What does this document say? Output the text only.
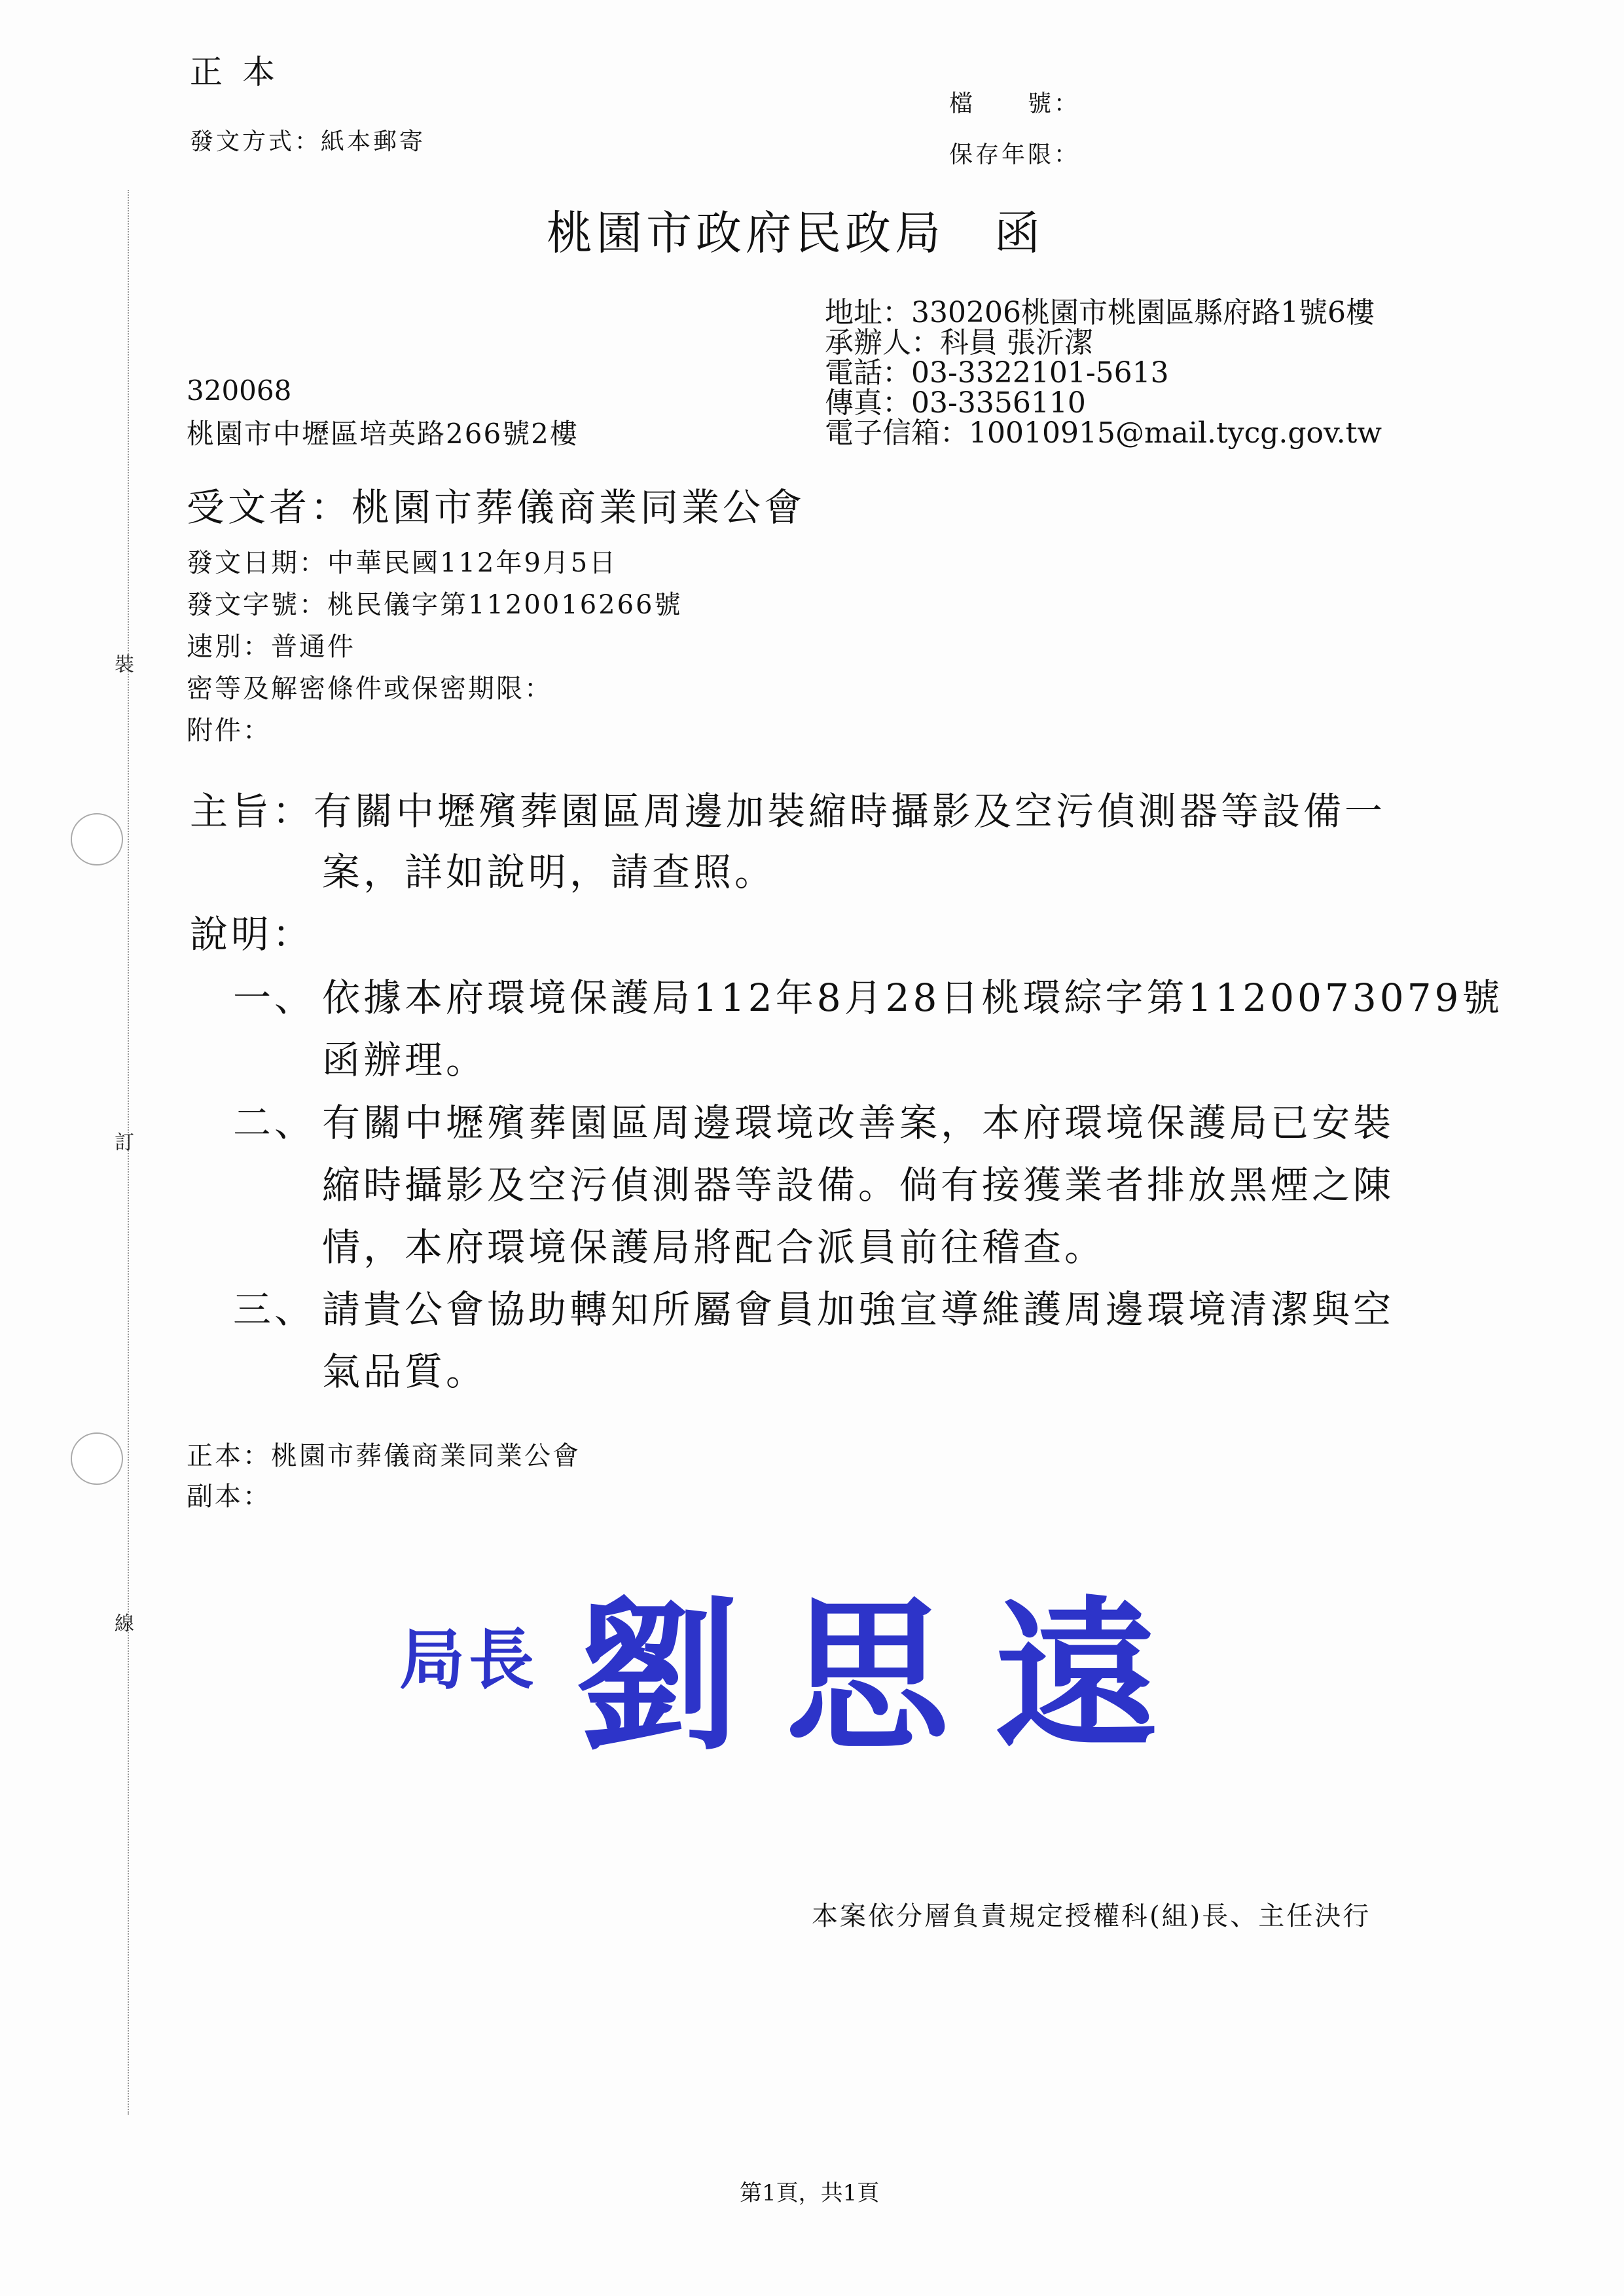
裝
訂
線
正本
發文方式：紙本郵寄
檔　　號：
保存年限：
桃園市政府民政局　函
地址：330206桃園市桃園區縣府路1號6樓
承辦人：科員 張沂潔
電話：03-3322101-5613
傳真：03-3356110
電子信箱：10010915@mail.tycg.gov.tw
320068
桃園市中壢區培英路266號2樓
受文者：桃園市葬儀商業同業公會
發文日期：中華民國112年9月5日
發文字號：桃民儀字第1120016266號
速別：普通件
密等及解密條件或保密期限：
附件：
主旨：有關中壢殯葬園區周邊加裝縮時攝影及空污偵測器等設備一
案，詳如說明，請查照。
說明：
一、 依據本府環境保護局112年8月28日桃環綜字第1120073079號
函辦理。
二、 有關中壢殯葬園區周邊環境改善案，本府環境保護局已安裝
縮時攝影及空污偵測器等設備。倘有接獲業者排放黑煙之陳
情，本府環境保護局將配合派員前往稽查。
三、 請貴公會協助轉知所屬會員加強宣導維護周邊環境清潔與空
氣品質。
正本：桃園市葬儀商業同業公會
副本：
局長 劉思遠
本案依分層負責規定授權科(組)長、主任決行
第1頁，共1頁
